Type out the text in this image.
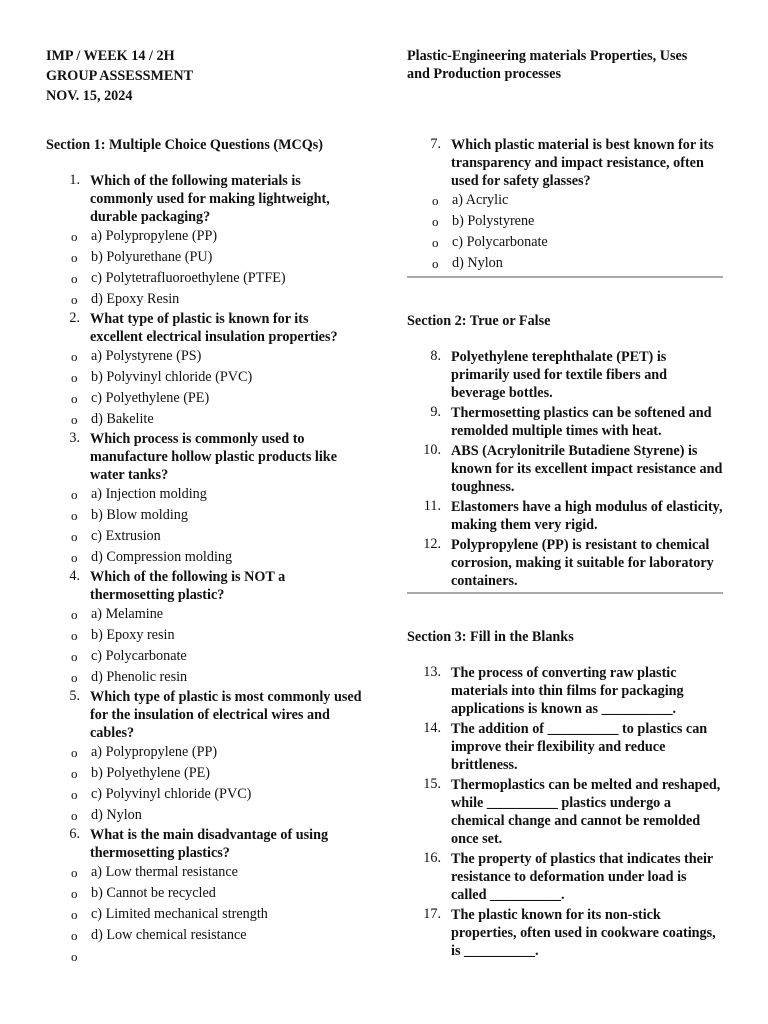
IMP / WEEK 14 / 2H
GROUP ASSESSMENT
NOV. 15, 2024
Plastic-Engineering materials Properties, Uses
and Production processes
Section 1: Multiple Choice Questions (MCQs)
1. Which of the following materials is commonly used for making lightweight, durable packaging?
o a) Polypropylene (PP)
o b) Polyurethane (PU)
o c) Polytetrafluoroethylene (PTFE)
o d) Epoxy Resin
2. What type of plastic is known for its excellent electrical insulation properties?
o a) Polystyrene (PS)
o b) Polyvinyl chloride (PVC)
o c) Polyethylene (PE)
o d) Bakelite
3. Which process is commonly used to manufacture hollow plastic products like water tanks?
o a) Injection molding
o b) Blow molding
o c) Extrusion
o d) Compression molding
4. Which of the following is NOT a thermosetting plastic?
o a) Melamine
o b) Epoxy resin
o c) Polycarbonate
o d) Phenolic resin
5. Which type of plastic is most commonly used for the insulation of electrical wires and cables?
o a) Polypropylene (PP)
o b) Polyethylene (PE)
o c) Polyvinyl chloride (PVC)
o d) Nylon
6. What is the main disadvantage of using thermosetting plastics?
o a) Low thermal resistance
o b) Cannot be recycled
o c) Limited mechanical strength
o d) Low chemical resistance
o
7. Which plastic material is best known for its transparency and impact resistance, often used for safety glasses?
o a) Acrylic
o b) Polystyrene
o c) Polycarbonate
o d) Nylon
Section 2: True or False
8. Polyethylene terephthalate (PET) is primarily used for textile fibers and beverage bottles.
9. Thermosetting plastics can be softened and remolded multiple times with heat.
10. ABS (Acrylonitrile Butadiene Styrene) is known for its excellent impact resistance and toughness.
11. Elastomers have a high modulus of elasticity, making them very rigid.
12. Polypropylene (PP) is resistant to chemical corrosion, making it suitable for laboratory containers.
Section 3: Fill in the Blanks
13. The process of converting raw plastic materials into thin films for packaging applications is known as __________.
14. The addition of __________ to plastics can improve their flexibility and reduce brittleness.
15. Thermoplastics can be melted and reshaped, while __________ plastics undergo a chemical change and cannot be remolded once set.
16. The property of plastics that indicates their resistance to deformation under load is called __________.
17. The plastic known for its non-stick properties, often used in cookware coatings, is __________.
